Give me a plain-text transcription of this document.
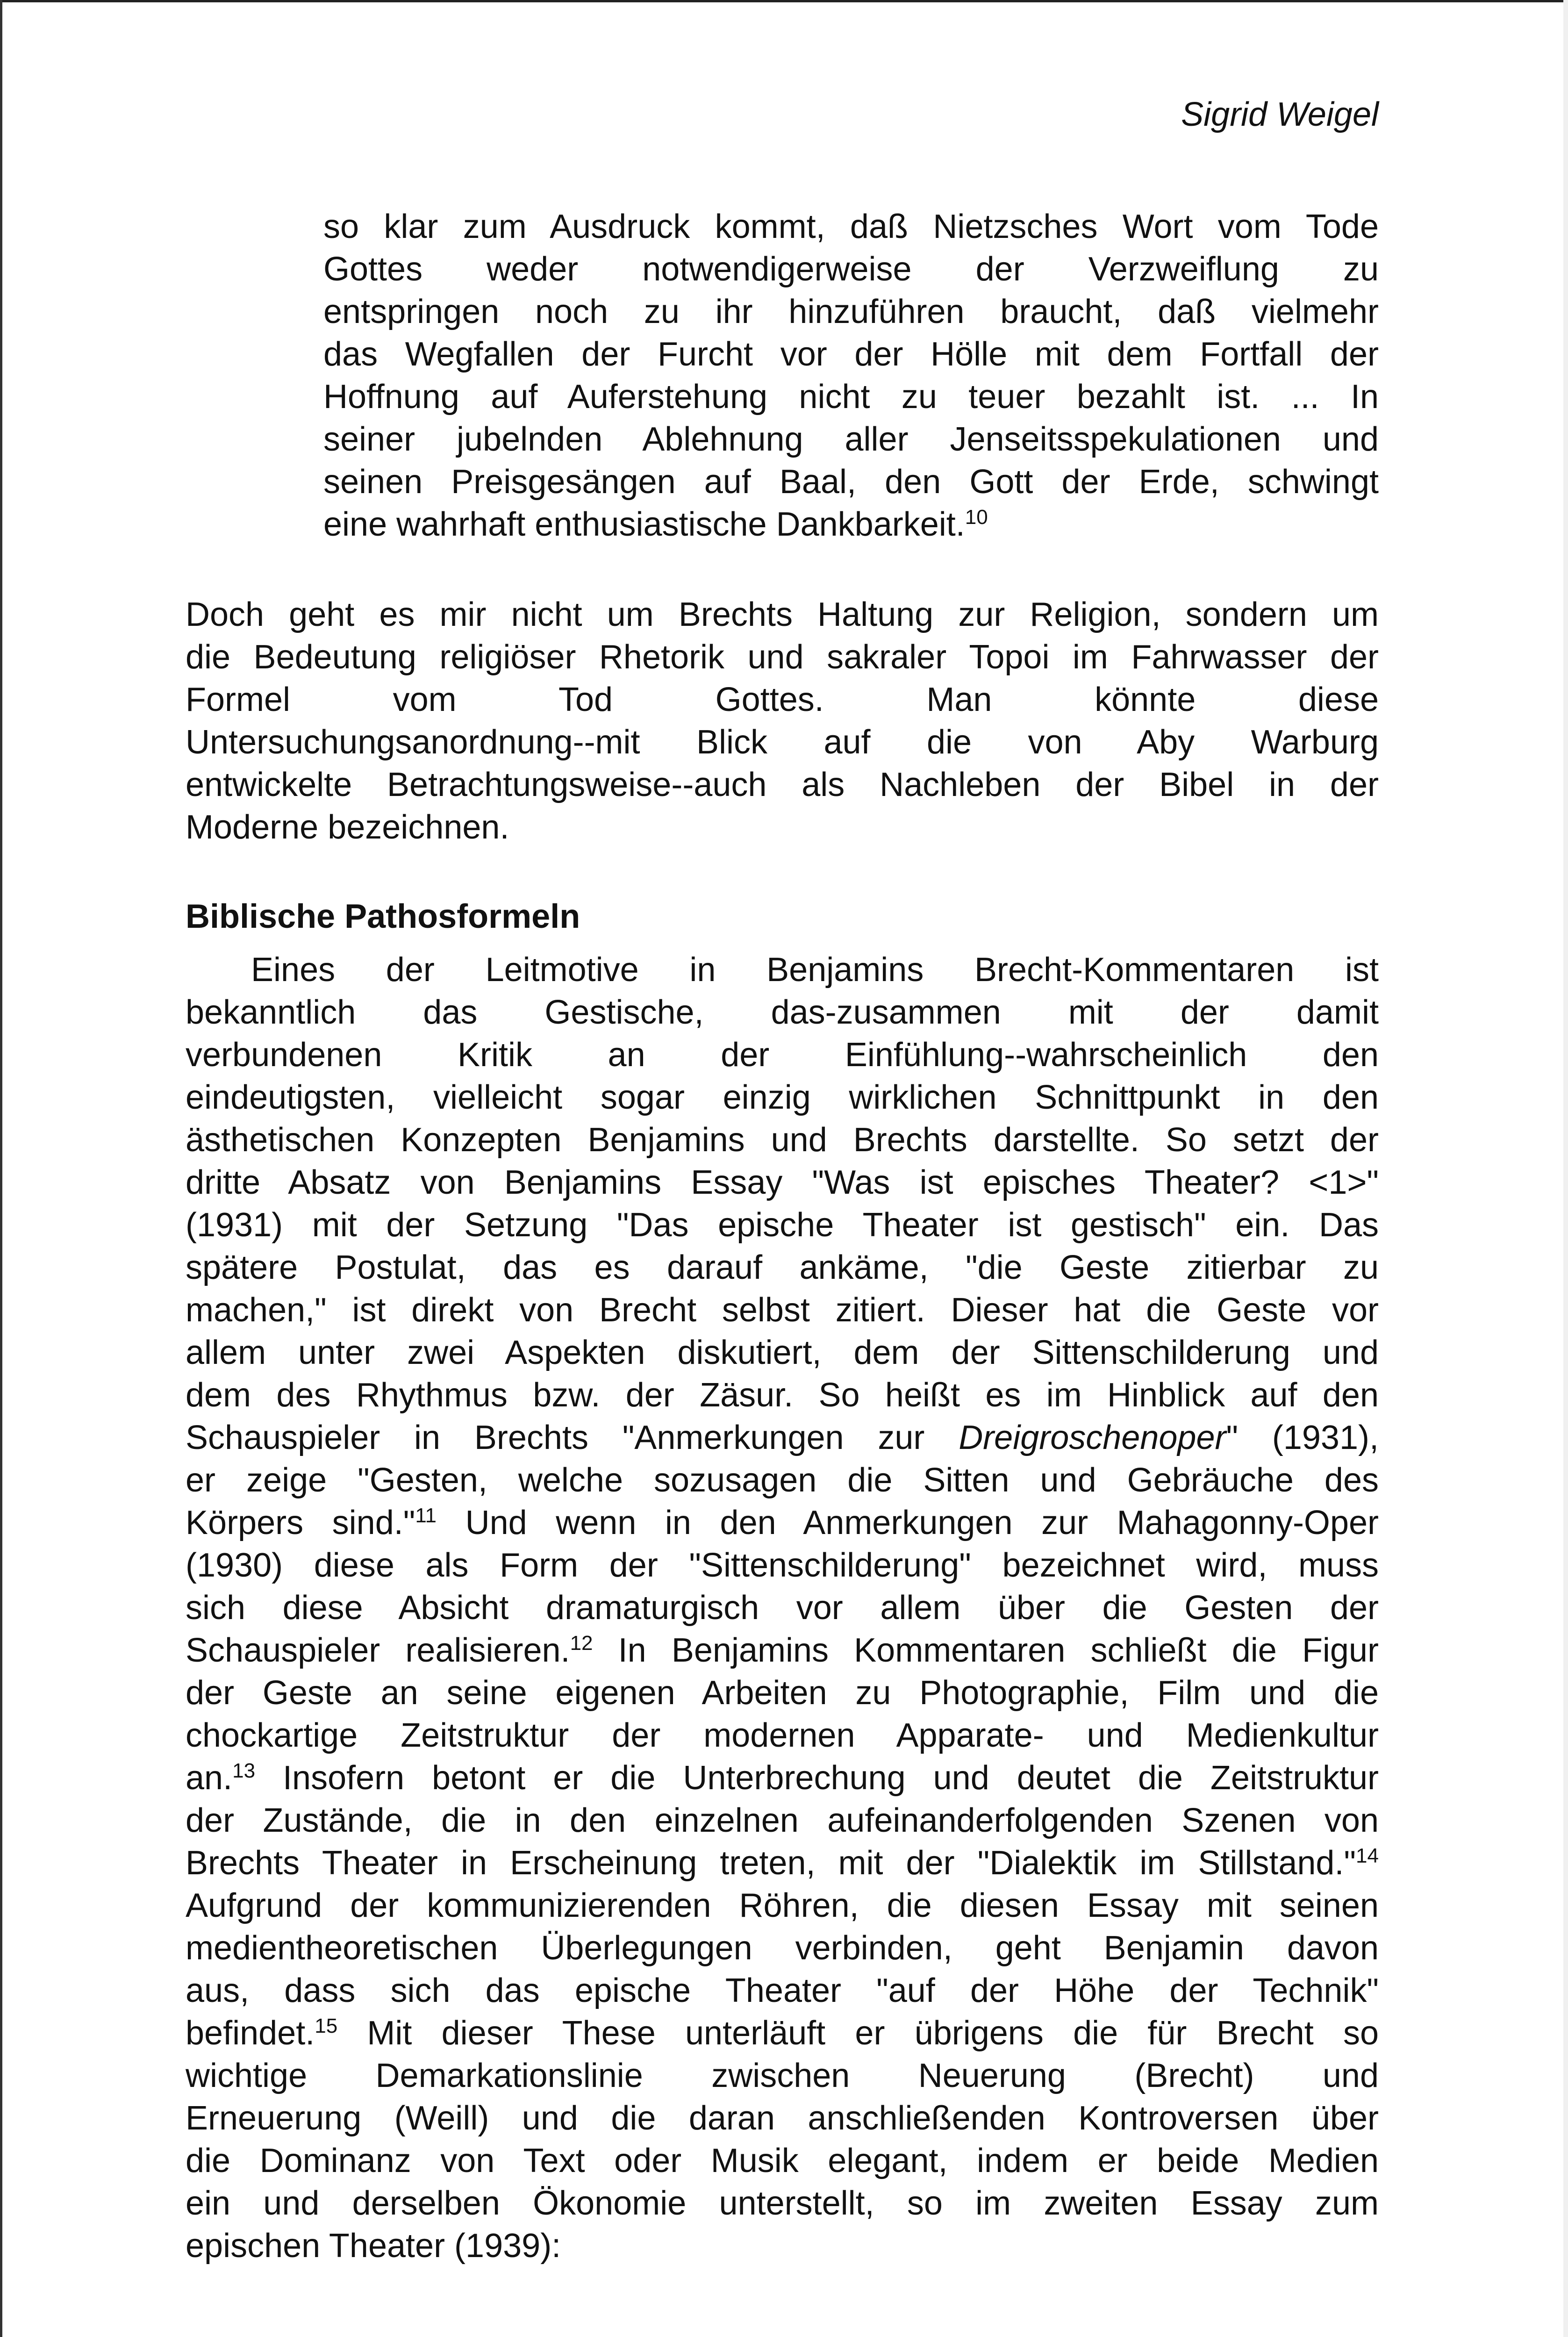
Sigrid Weigel
so klar zum Ausdruck kommt, daß Nietzsches Wort vom Tode
Gottes weder notwendigerweise der Verzweiflung zu
entspringen noch zu ihr hinzuführen braucht, daß vielmehr
das Wegfallen der Furcht vor der Hölle mit dem Fortfall der
Hoffnung auf Auferstehung nicht zu teuer bezahlt ist. ... In
seiner jubelnden Ablehnung aller Jenseitsspekulationen und
seinen Preisgesängen auf Baal, den Gott der Erde, schwingt
eine wahrhaft enthusiastische Dankbarkeit.$^{10}$
Doch geht es mir nicht um Brechts Haltung zur Religion, sondern um
die Bedeutung religiöser Rhetorik und sakraler Topoi im Fahrwasser der
Formel vom Tod Gottes. Man könnte diese
Untersuchungsanordnung--mit Blick auf die von Aby Warburg
entwickelte Betrachtungsweise--auch als Nachleben der Bibel in der
Moderne bezeichnen.
Biblische Pathosformeln
Eines der Leitmotive in Benjamins Brecht-Kommentaren ist
bekanntlich das Gestische, das-zusammen mit der damit
verbundenen Kritik an der Einfühlung--wahrscheinlich den
eindeutigsten, vielleicht sogar einzig wirklichen Schnittpunkt in den
ästhetischen Konzepten Benjamins und Brechts darstellte. So setzt der
dritte Absatz von Benjamins Essay "Was ist episches Theater? <1>"
(1931) mit der Setzung "Das epische Theater ist gestisch" ein. Das
spätere Postulat, das es darauf ankäme, "die Geste zitierbar zu
machen," ist direkt von Brecht selbst zitiert. Dieser hat die Geste vor
allem unter zwei Aspekten diskutiert, dem der Sittenschilderung und
dem des Rhythmus bzw. der Zäsur. So heißt es im Hinblick auf den
Schauspieler in Brechts "Anmerkungen zur Dreigroschenoper" (1931),
er zeige "Gesten, welche sozusagen die Sitten und Gebräuche des
Körpers sind."$^{11}$ Und wenn in den Anmerkungen zur Mahagonny-Oper
(1930) diese als Form der "Sittenschilderung" bezeichnet wird, muss
sich diese Absicht dramaturgisch vor allem über die Gesten der
Schauspieler realisieren.$^{12}$ In Benjamins Kommentaren schließt die Figur
der Geste an seine eigenen Arbeiten zu Photographie, Film und die
chockartige Zeitstruktur der modernen Apparate- und Medienkultur
an.$^{13}$ Insofern betont er die Unterbrechung und deutet die Zeitstruktur
der Zustände, die in den einzelnen aufeinanderfolgenden Szenen von
Brechts Theater in Erscheinung treten, mit der "Dialektik im Stillstand."$^{14}$
Aufgrund der kommunizierenden Röhren, die diesen Essay mit seinen
medientheoretischen Überlegungen verbinden, geht Benjamin davon
aus, dass sich das epische Theater "auf der Höhe der Technik"
befindet.$^{15}$ Mit dieser These unterläuft er übrigens die für Brecht so
wichtige Demarkationslinie zwischen Neuerung (Brecht) und
Erneuerung (Weill) und die daran anschließenden Kontroversen über
die Dominanz von Text oder Musik elegant, indem er beide Medien
ein und derselben Ökonomie unterstellt, so im zweiten Essay zum
epischen Theater (1939):
